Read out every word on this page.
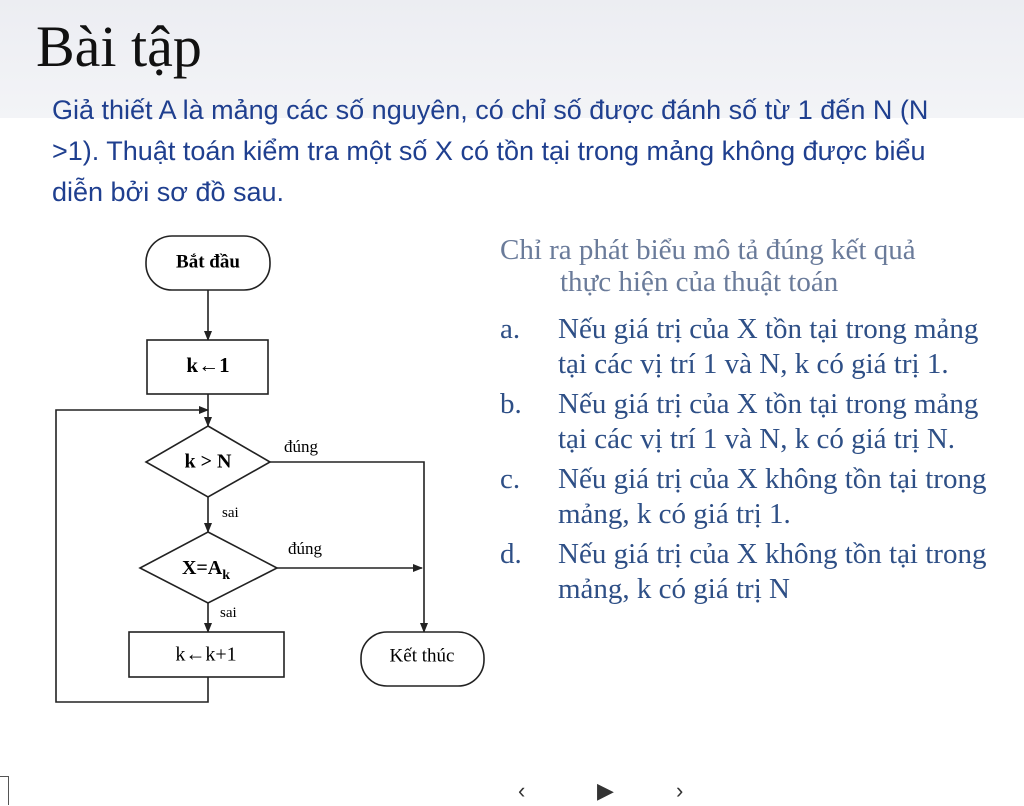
Bài tập
Giả thiết A là mảng các số nguyên, có chỉ số được đánh số từ 1 đến N (N >1). Thuật toán kiểm tra một số X có tồn tại trong mảng không được biểu diễn bởi sơ đồ sau.
Bắt đầu
k←1
k > N
$X=A_k$
k←k+1	Kết thúc
đúng
đúng
sai
sai
Chỉ ra phát biểu mô tả đúng kết quả
thực hiện của thuật toán
a.	Nếu giá trị của X tồn tại trong mảng tại các vị trí 1 và N, k có giá trị 1.
b.	Nếu giá trị của X tồn tại trong mảng tại các vị trí 1 và N, k có giá trị N.
c.	Nếu giá trị của X không tồn tại trong mảng, k có giá trị 1.
d.	Nếu giá trị của X không tồn tại trong mảng, k có giá trị N
‹	▶	›
